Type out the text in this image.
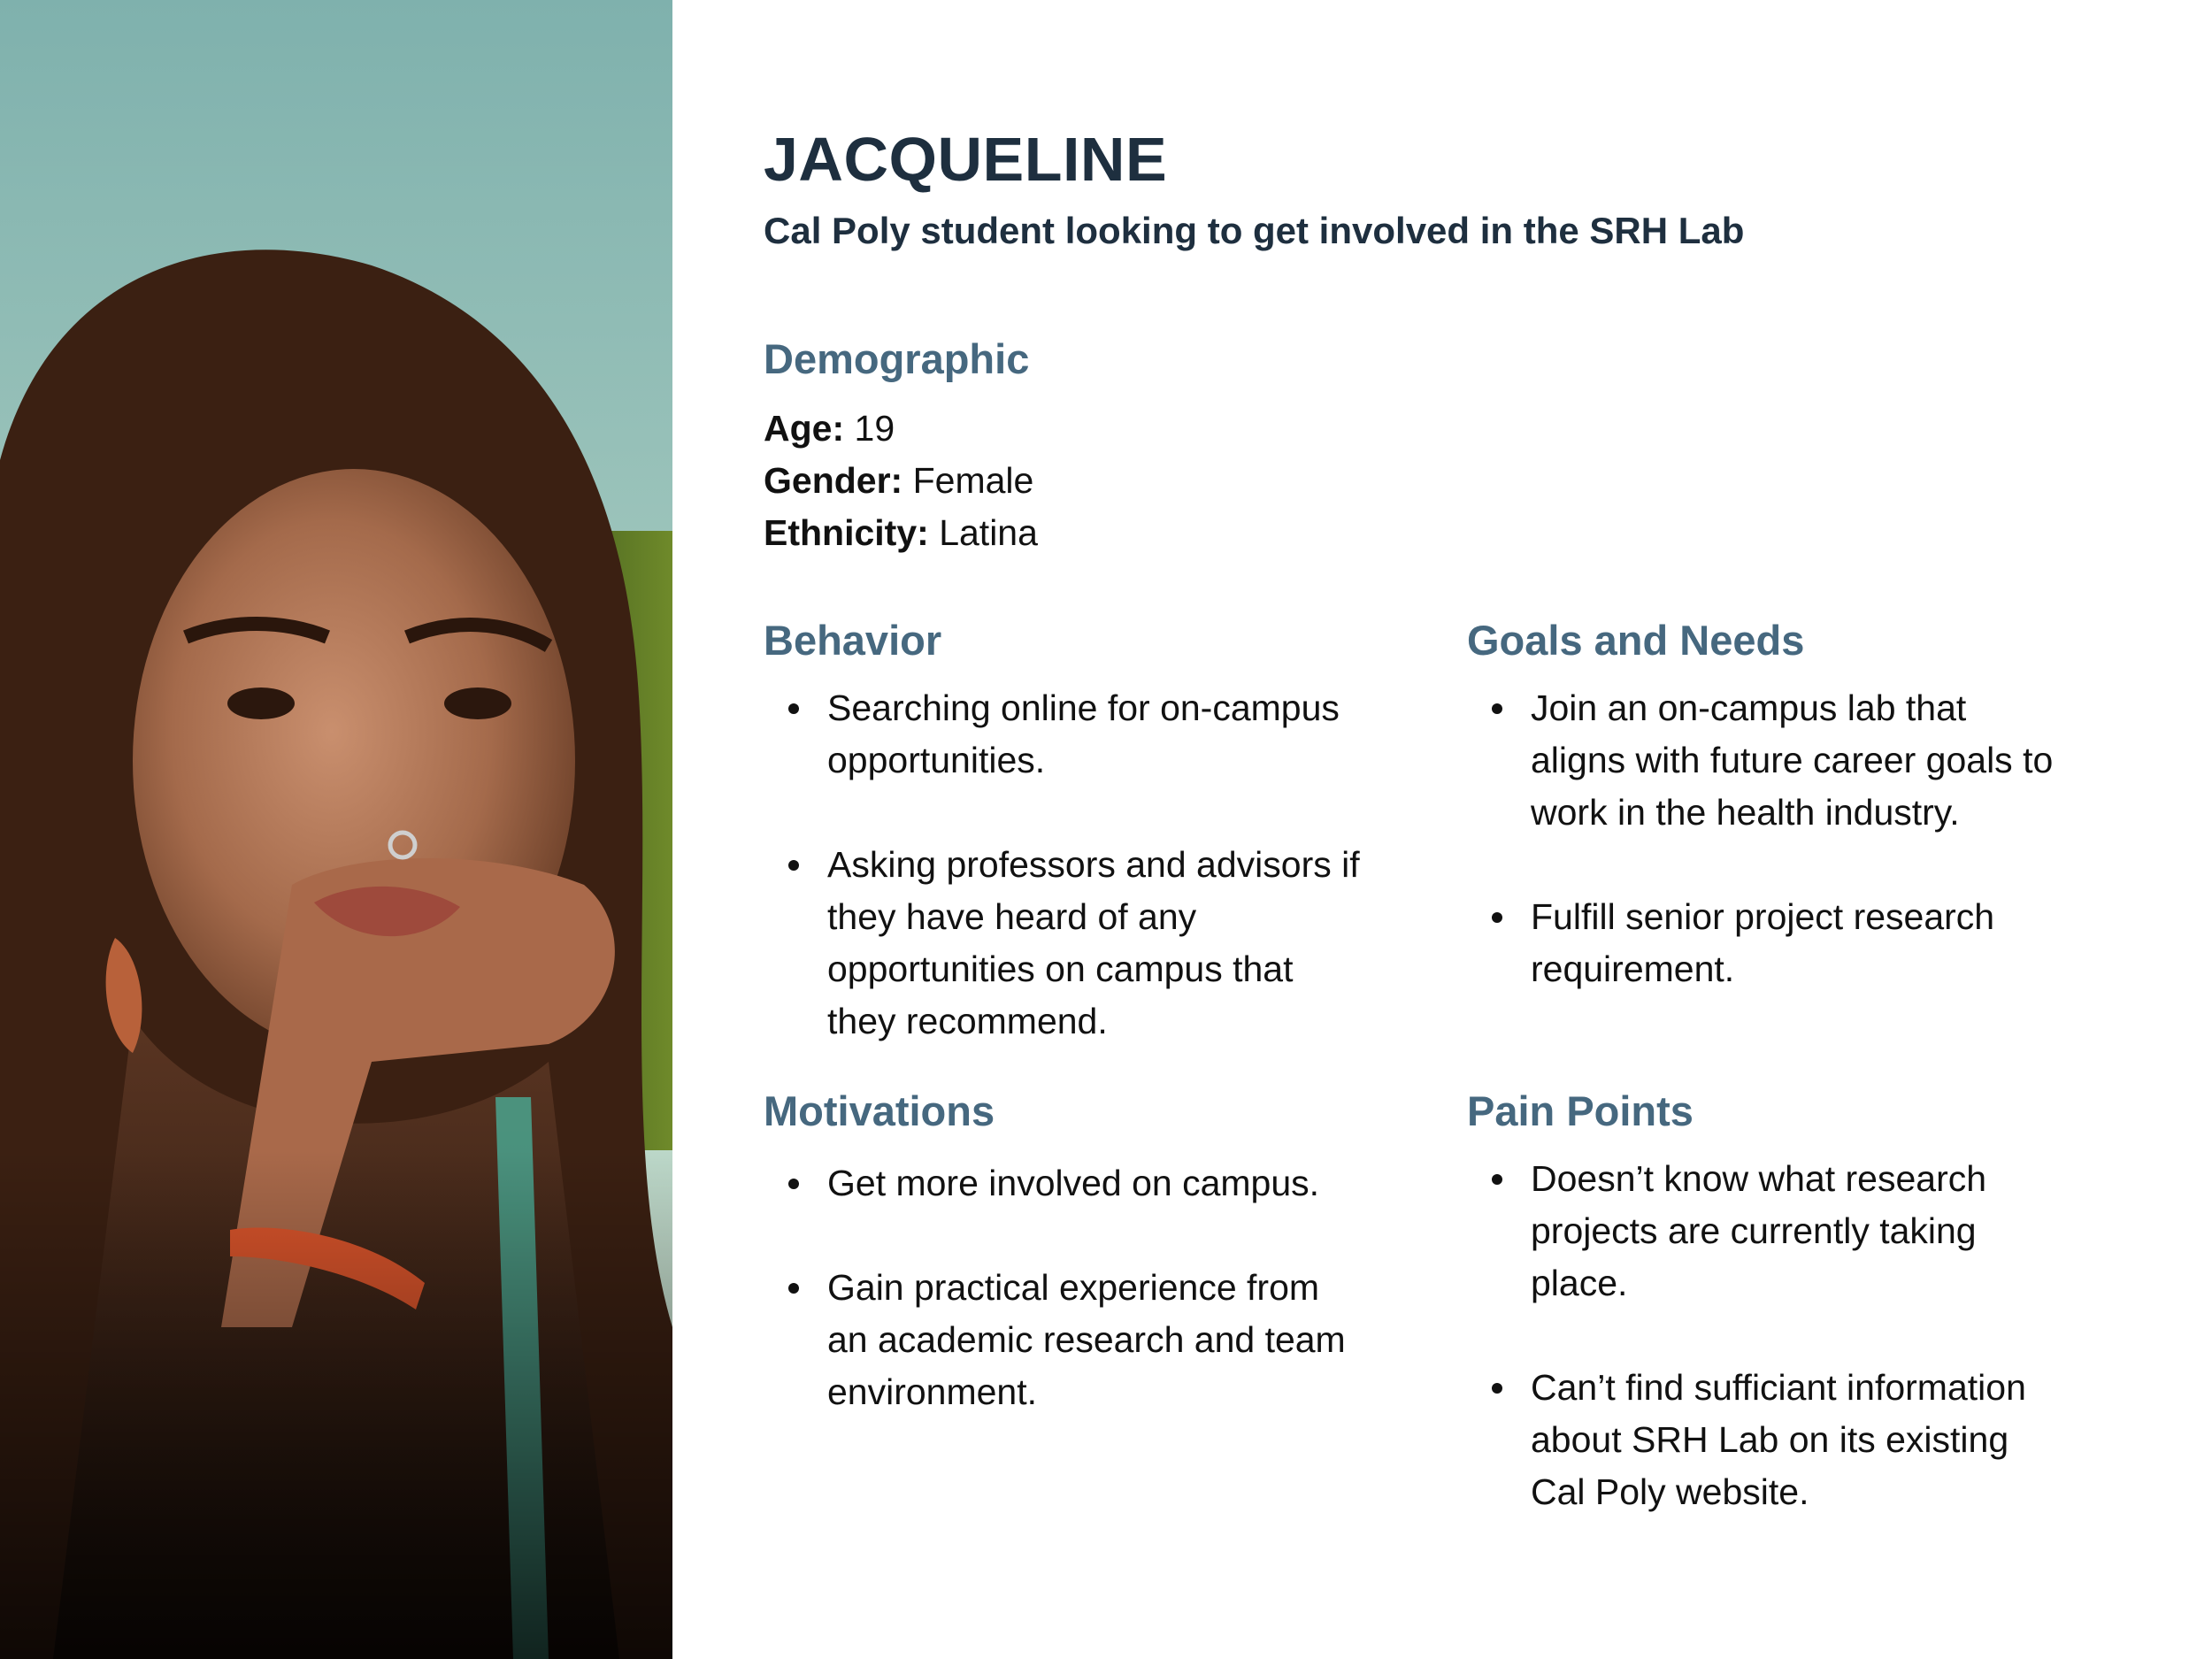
JACQUELINE
Cal Poly student looking to get involved in the SRH Lab
Demographic
Age: 19
Gender: Female
Ethnicity: Latina
Behavior
Searching online for on-campus opportunities.
Asking professors and advisors if they have heard of any opportunities on campus that they recommend.
Goals and Needs
Join an on-campus lab that aligns with future career goals to work in the health industry.
Fulfill senior project research requirement.
Motivations
Get more involved on campus.
Gain practical experience from an academic research and team environment.
Pain Points
Doesn’t know what research projects are currently taking place.
Can’t find sufficiant information about SRH Lab on its existing Cal Poly website.
